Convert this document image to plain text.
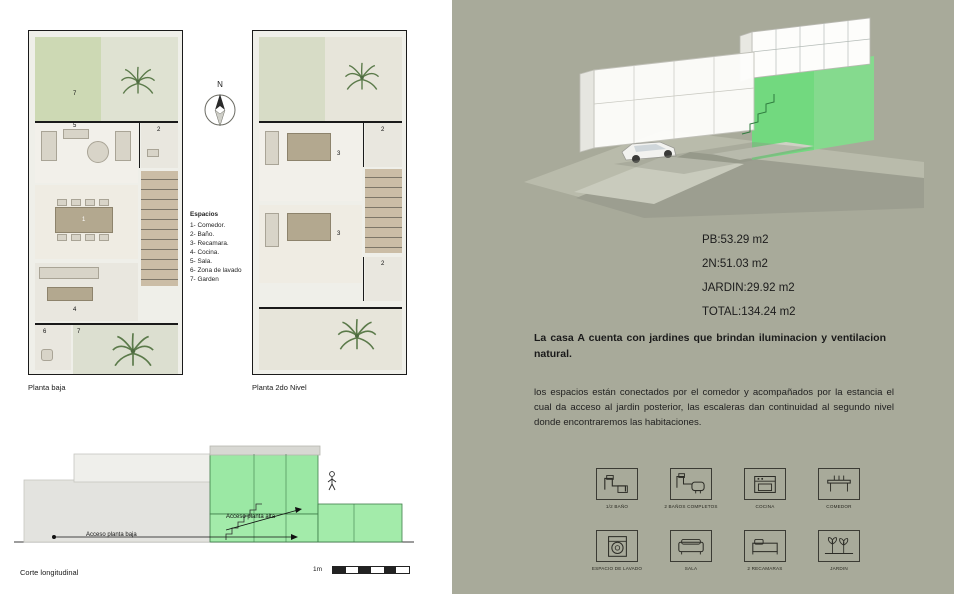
7
5
2
1
4
6	7
Planta baja
3
2
3
2
Planta 2do Nivel
N
Espacios
1- Comedor.
2- Baño.
3- Recamara.
4- Cocina.
5- Sala.
6- Zona de lavado
7- Garden
Acceso planta baja
Acceso planta alta
Corte longitudinal	1m
PB:53.29 m2
2N:51.03 m2
JARDIN:29.92 m2
TOTAL:134.24 m2
La casa A cuenta con jardines que brindan iluminacion y ventilacion natural.
los espacios están conectados por el comedor y acompañados por la estancia el cual da acceso al jardin posterior, las escaleras dan continuidad al segundo nivel donde encontraremos las habitaciones.
1/2 BAÑO	2 BAÑOS COMPLETOS	COCINA	COMEDOR
ESPACIO DE LAVADO	SALA	2 RECAMARAS	JARDIN
